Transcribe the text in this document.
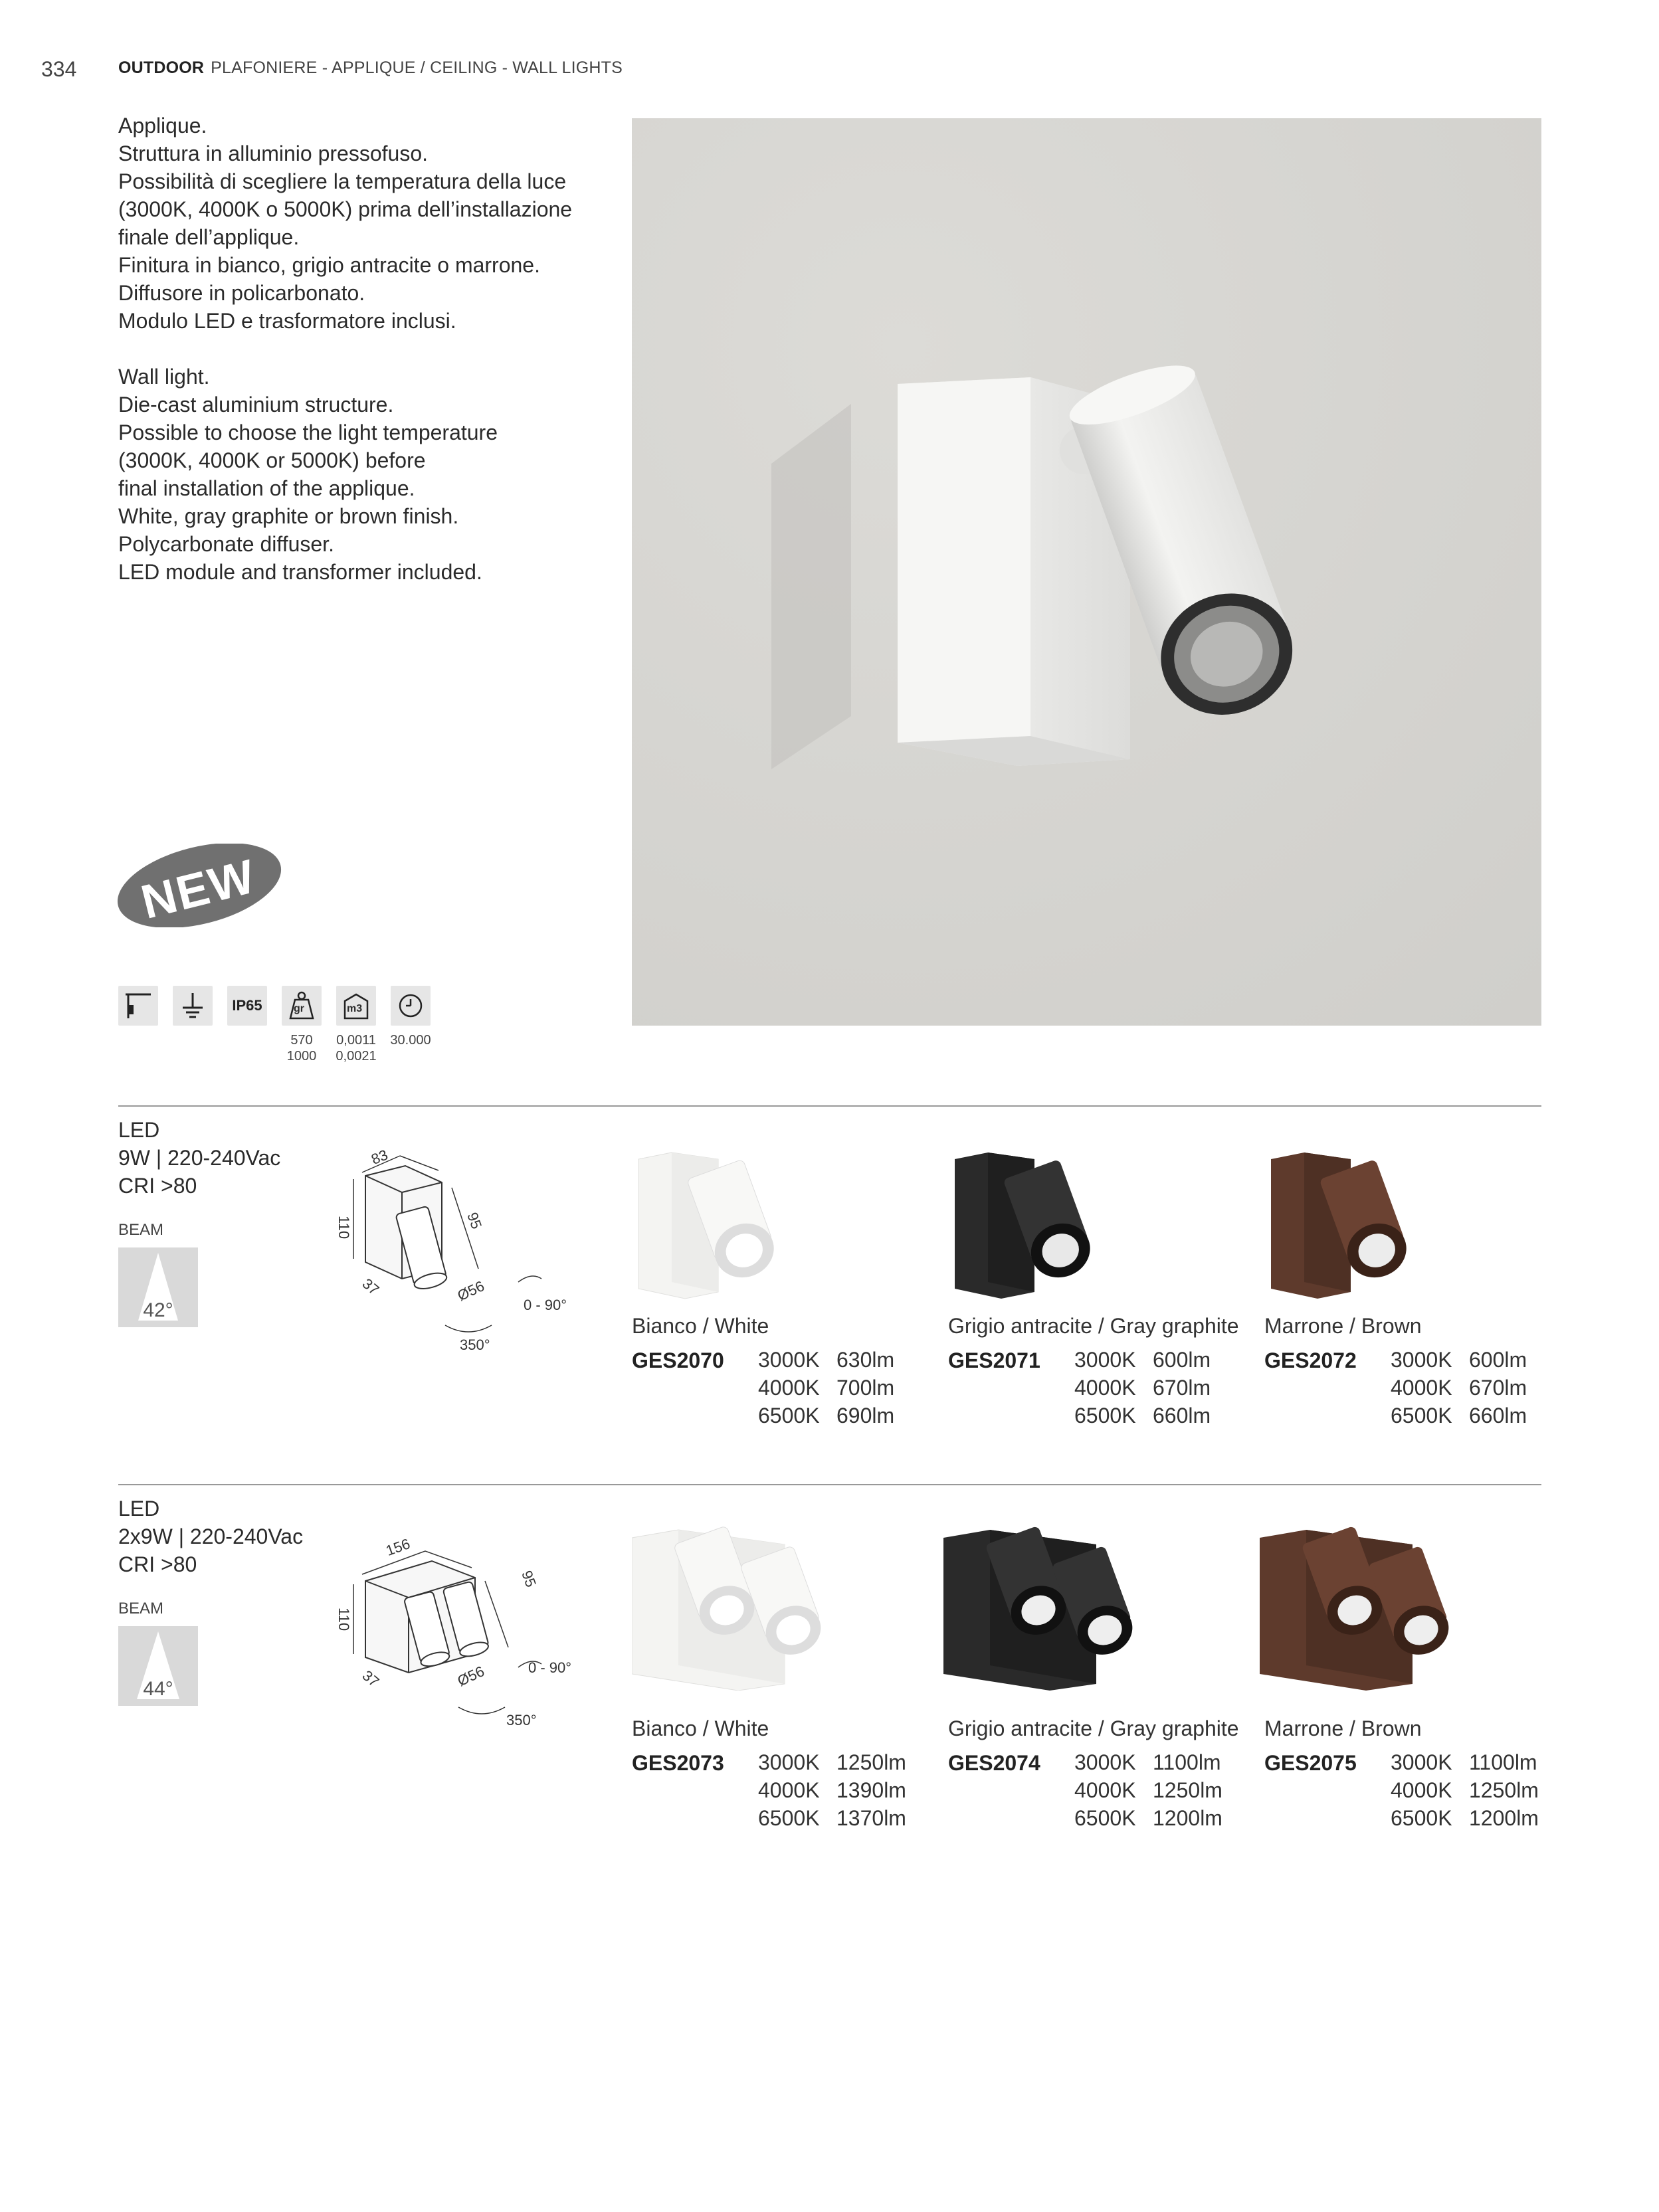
334	OUTDOOR PLAFONIERE - APPLIQUE / CEILING - WALL LIGHTS

Applique.

Struttura in alluminio pressofuso.

Possibilità di scegliere la temperatura della luce

(3000K, 4000K o 5000K) prima dell’installazione

finale dell’applique.

Finitura in bianco, grigio antracite o marrone.

Diffusore in policarbonato.

Modulo LED e trasformatore inclusi.

Wall light.

Die-cast aluminium structure.

Possible to choose the light temperature

(3000K, 4000K or 5000K) before

final installation of the applique.

White, gray graphite or brown finish.

Polycarbonate diffuser.

LED module and transformer included.

NEW
IP65	gr	m3
570
1000
0,0011
0,0021
30.000
LED
9W | 220-240Vac
CRI >80
BEAM
42°
83
95
110
37	Ø56
0 - 90°
350°
Bianco / White	Grigio antracite / Gray graphite Marrone / Brown
GES2070 3000K 630lm
4000K 700lm
6500K 690lm
GES2071 3000K 600lm
4000K 670lm
6500K 660lm
GES2072 3000K 600lm
4000K 670lm
6500K 660lm
LED
2x9W | 220-240Vac
CRI >80
BEAM
44°
156
95
110
37	Ø56	0 - 90°
350°	Bianco / White	Grigio antracite / Gray graphite Marrone / Brown
GES2073 3000K 1250lm
4000K 1390lm
6500K 1370lm
GES2074 3000K 1100lm
4000K 1250lm
6500K 1200lm
GES2075 3000K 1100lm
4000K 1250lm
6500K 1200lm
